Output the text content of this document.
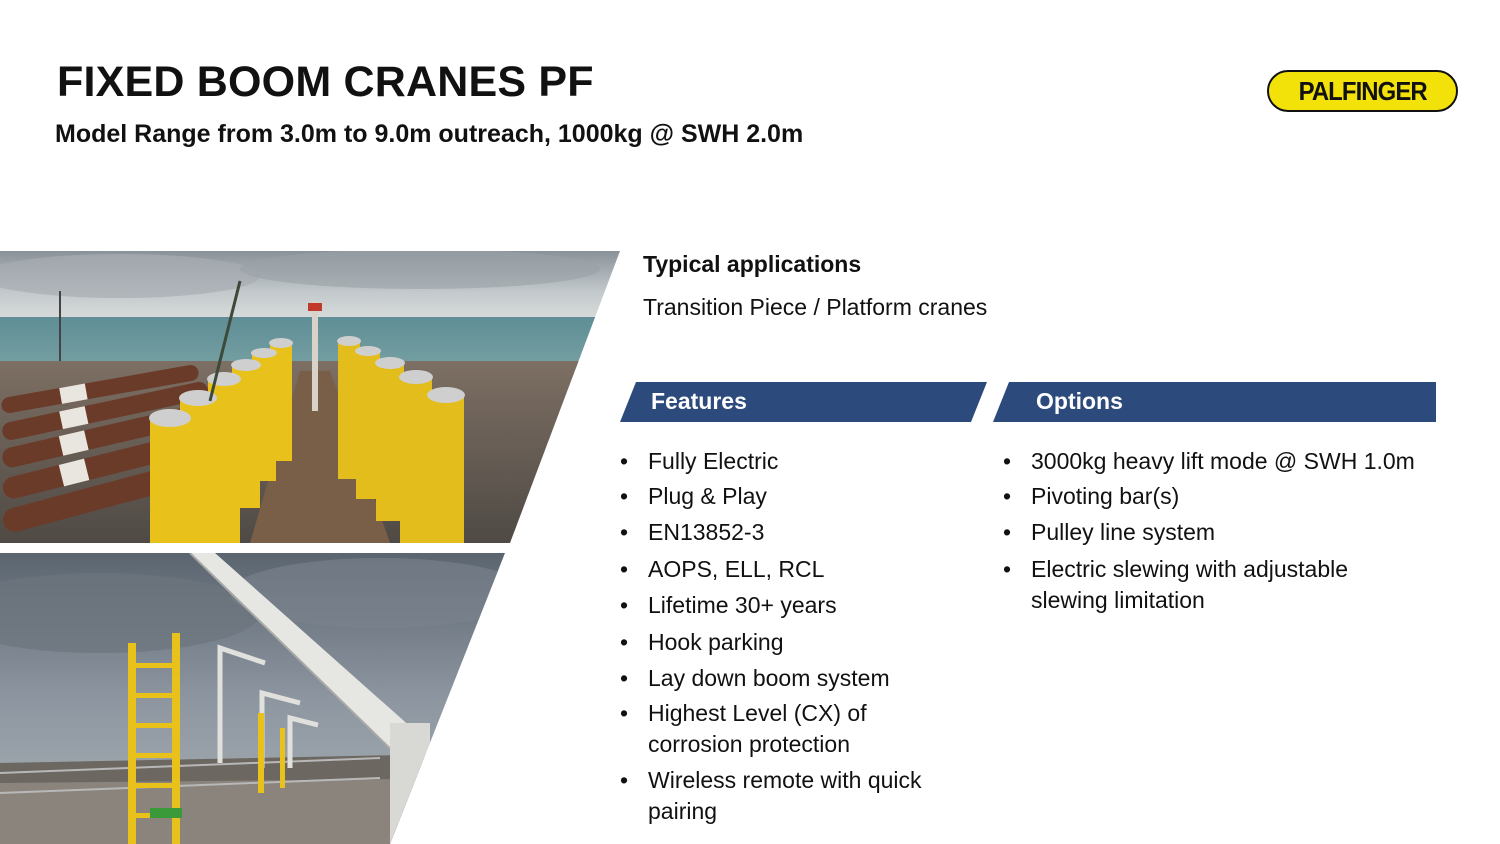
FIXED BOOM CRANES PF
Model Range from 3.0m to 9.0m outreach, 1000kg @ SWH 2.0m
PALFINGER
Typical applications
Transition Piece / Platform cranes
Features	Options
• Fully Electric
• Plug & Play
• EN13852-3
• AOPS, ELL, RCL
• Lifetime 30+ years
• Hook parking
• Lay down boom system
• Highest Level (CX) of corrosion protection
• Wireless remote with quick pairing
• 3000kg heavy lift mode @ SWH 1.0m
• Pivoting bar(s)
• Pulley line system
• Electric slewing with adjustable slewing limitation
